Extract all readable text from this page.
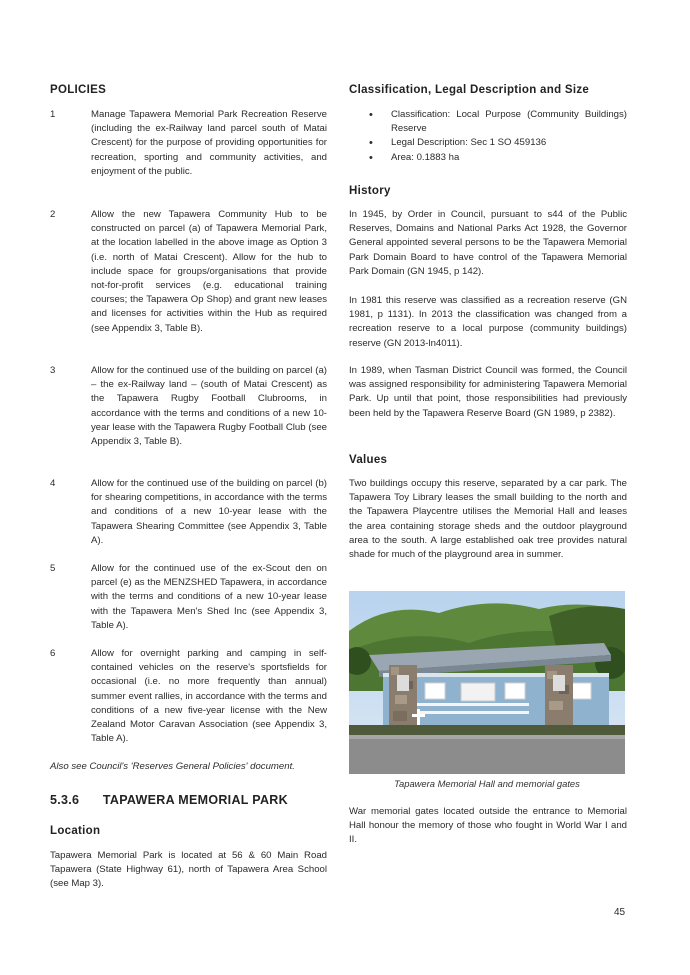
POLICIES
1	Manage Tapawera Memorial Park Recreation Reserve (including the ex-Railway land parcel south of Matai Crescent) for the purpose of providing opportunities for recreation, sporting and community activities, and enjoyment of the public.

2	Allow the new Tapawera Community Hub to be constructed on parcel (a) of Tapawera Memorial Park, at the location labelled in the above image as Option 3 (i.e. north of Matai Crescent). Allow for the hub to include space for groups/organisations that provide not-for-profit services (e.g. educational training courses; the Tapawera Op Shop) and grant new leases and licenses for activities within the Hub as required (see Appendix 3, Table B).

3	Allow for the continued use of the building on parcel (a) – the ex-Railway land – (south of Matai Crescent) as the Tapawera Rugby Football Clubrooms, in accordance with the terms and conditions of a new 10-year lease with the Tapawera Rugby Football Club (see Appendix 3, Table B).

4	Allow for the continued use of the building on parcel (b) for shearing competitions, in accordance with the terms and conditions of a new 10-year lease with the Tapawera Shearing Committee (see Appendix 3, Table A).

5	Allow for the continued use of the ex-Scout den on parcel (e) as the MENZSHED Tapawera, in accordance with the terms and conditions of a new 10-year lease with the Tapawera Men's Shed Inc (see Appendix 3, Table A).

6	Allow for overnight parking and camping in self-contained vehicles on the reserve's sportsfields for occasional (i.e. no more frequently than annual) summer event rallies, in accordance with the terms and conditions of a new five-year license with the New Zealand Motor Caravan Association (see Appendix 3, Table A).

Also see Council's 'Reserves General Policies' document.

5.3.6 TAPAWERA MEMORIAL PARK
Location

Tapawera Memorial Park is located at 56 & 60 Main Road Tapawera (State Highway 61), north of Tapawera Area School (see Map 3).

Classification, Legal Description and Size
• Classification: Local Purpose (Community Buildings) Reserve
• Legal Description: Sec 1 SO 459136
• Area: 0.1883 ha
History

In 1945, by Order in Council, pursuant to s44 of the Public Reserves, Domains and National Parks Act 1928, the Governor General appointed several persons to be the Tapawera Memorial Park Domain Board to have control of the Tapawera Memorial Park Domain (GN 1945, p 142).

In 1981 this reserve was classified as a recreation reserve (GN 1981, p 1131). In 2013 the classification was changed from a recreation reserve to a local purpose (community buildings) reserve (GN 2013-ln4011).

In 1989, when Tasman District Council was formed, the Council was assigned responsibility for administering Tapawera Memorial Park. Up until that point, those responsibilities had previously been held by the Tapawera Reserve Board (GN 1989, p 2382).

Values

Two buildings occupy this reserve, separated by a car park. The Tapawera Toy Library leases the small building to the north and the Tapawera Playcentre utilises the Memorial Hall and leases the area containing storage sheds and the outdoor playground area to the south. A large established oak tree provides natural shade for much of the playground area in summer.

Tapawera Memorial Hall and memorial gates

War memorial gates located outside the entrance to Memorial Hall honour the memory of those who fought in World War I and II.

45
